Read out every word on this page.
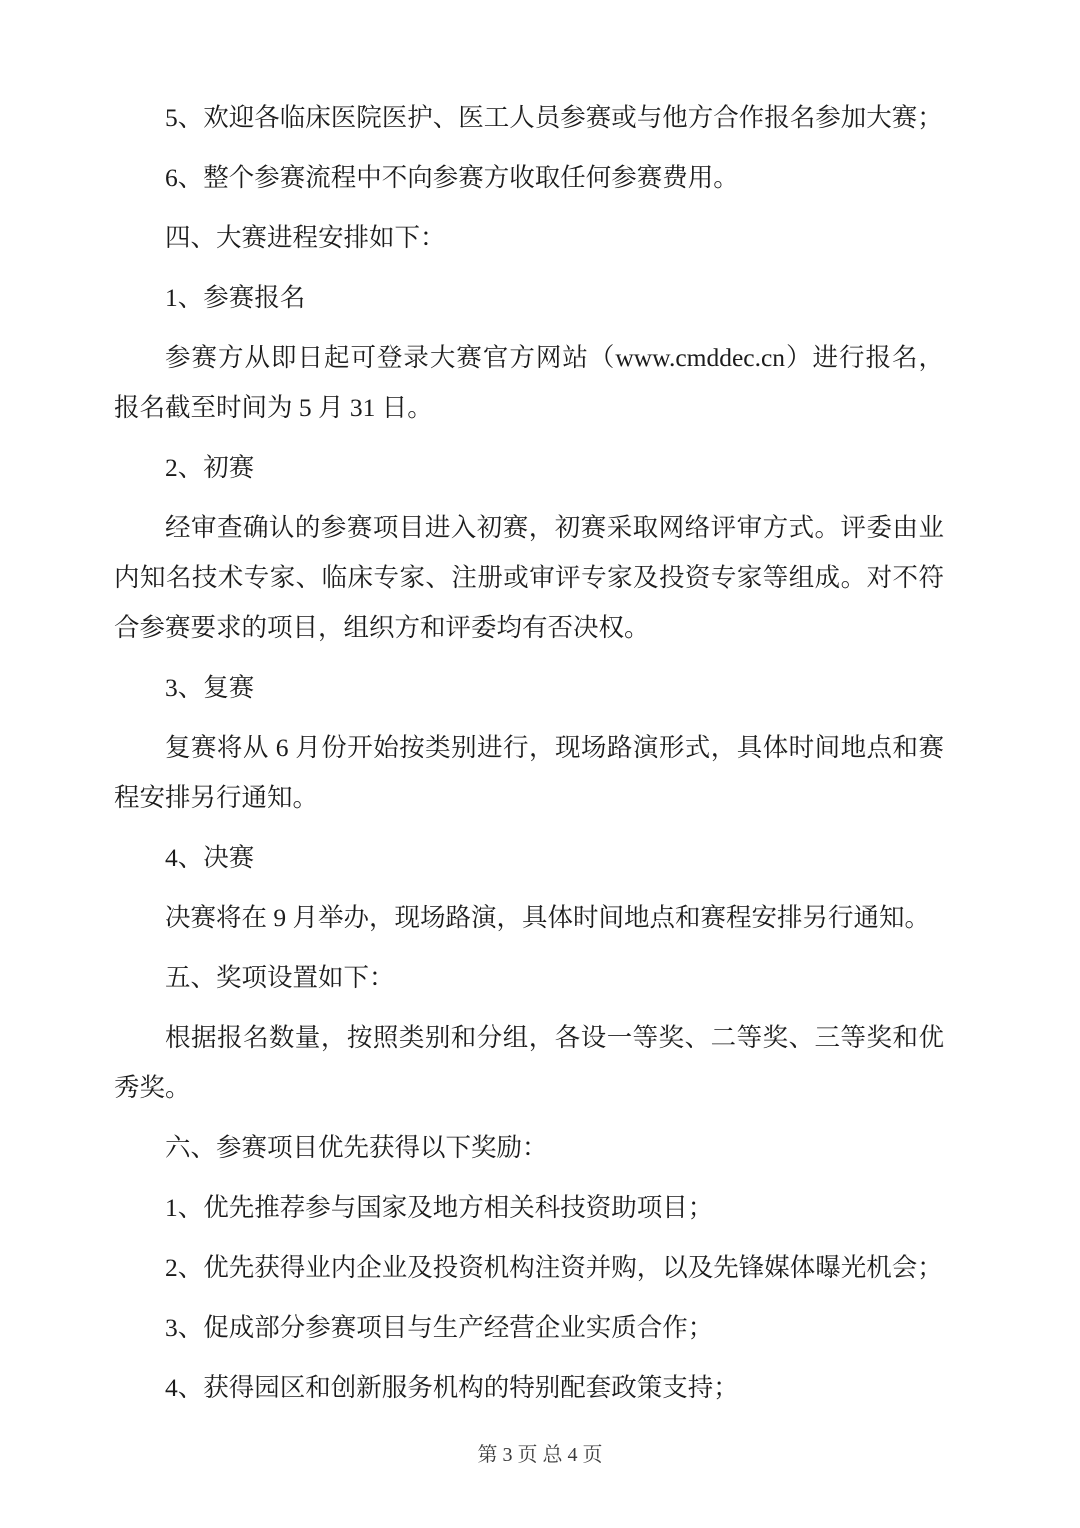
5、欢迎各临床医院医护、医工人员参赛或与他方合作报名参加大赛；

6、整个参赛流程中不向参赛方收取任何参赛费用。

四、大赛进程安排如下：

1、参赛报名

参赛方从即日起可登录大赛官方网站（www.cmddec.cn）进行报名，报名截至时间为 5 月 31 日。

2、初赛

经审查确认的参赛项目进入初赛，初赛采取网络评审方式。评委由业内知名技术专家、临床专家、注册或审评专家及投资专家等组成。对不符合参赛要求的项目，组织方和评委均有否决权。

3、复赛

复赛将从 6 月份开始按类别进行，现场路演形式，具体时间地点和赛程安排另行通知。

4、决赛

决赛将在 9 月举办，现场路演，具体时间地点和赛程安排另行通知。

五、奖项设置如下：

根据报名数量，按照类别和分组，各设一等奖、二等奖、三等奖和优秀奖。

六、参赛项目优先获得以下奖励：

1、优先推荐参与国家及地方相关科技资助项目；

2、优先获得业内企业及投资机构注资并购，以及先锋媒体曝光机会；

3、促成部分参赛项目与生产经营企业实质合作；

4、获得园区和创新服务机构的特别配套政策支持；

第 3 页 总 4 页
